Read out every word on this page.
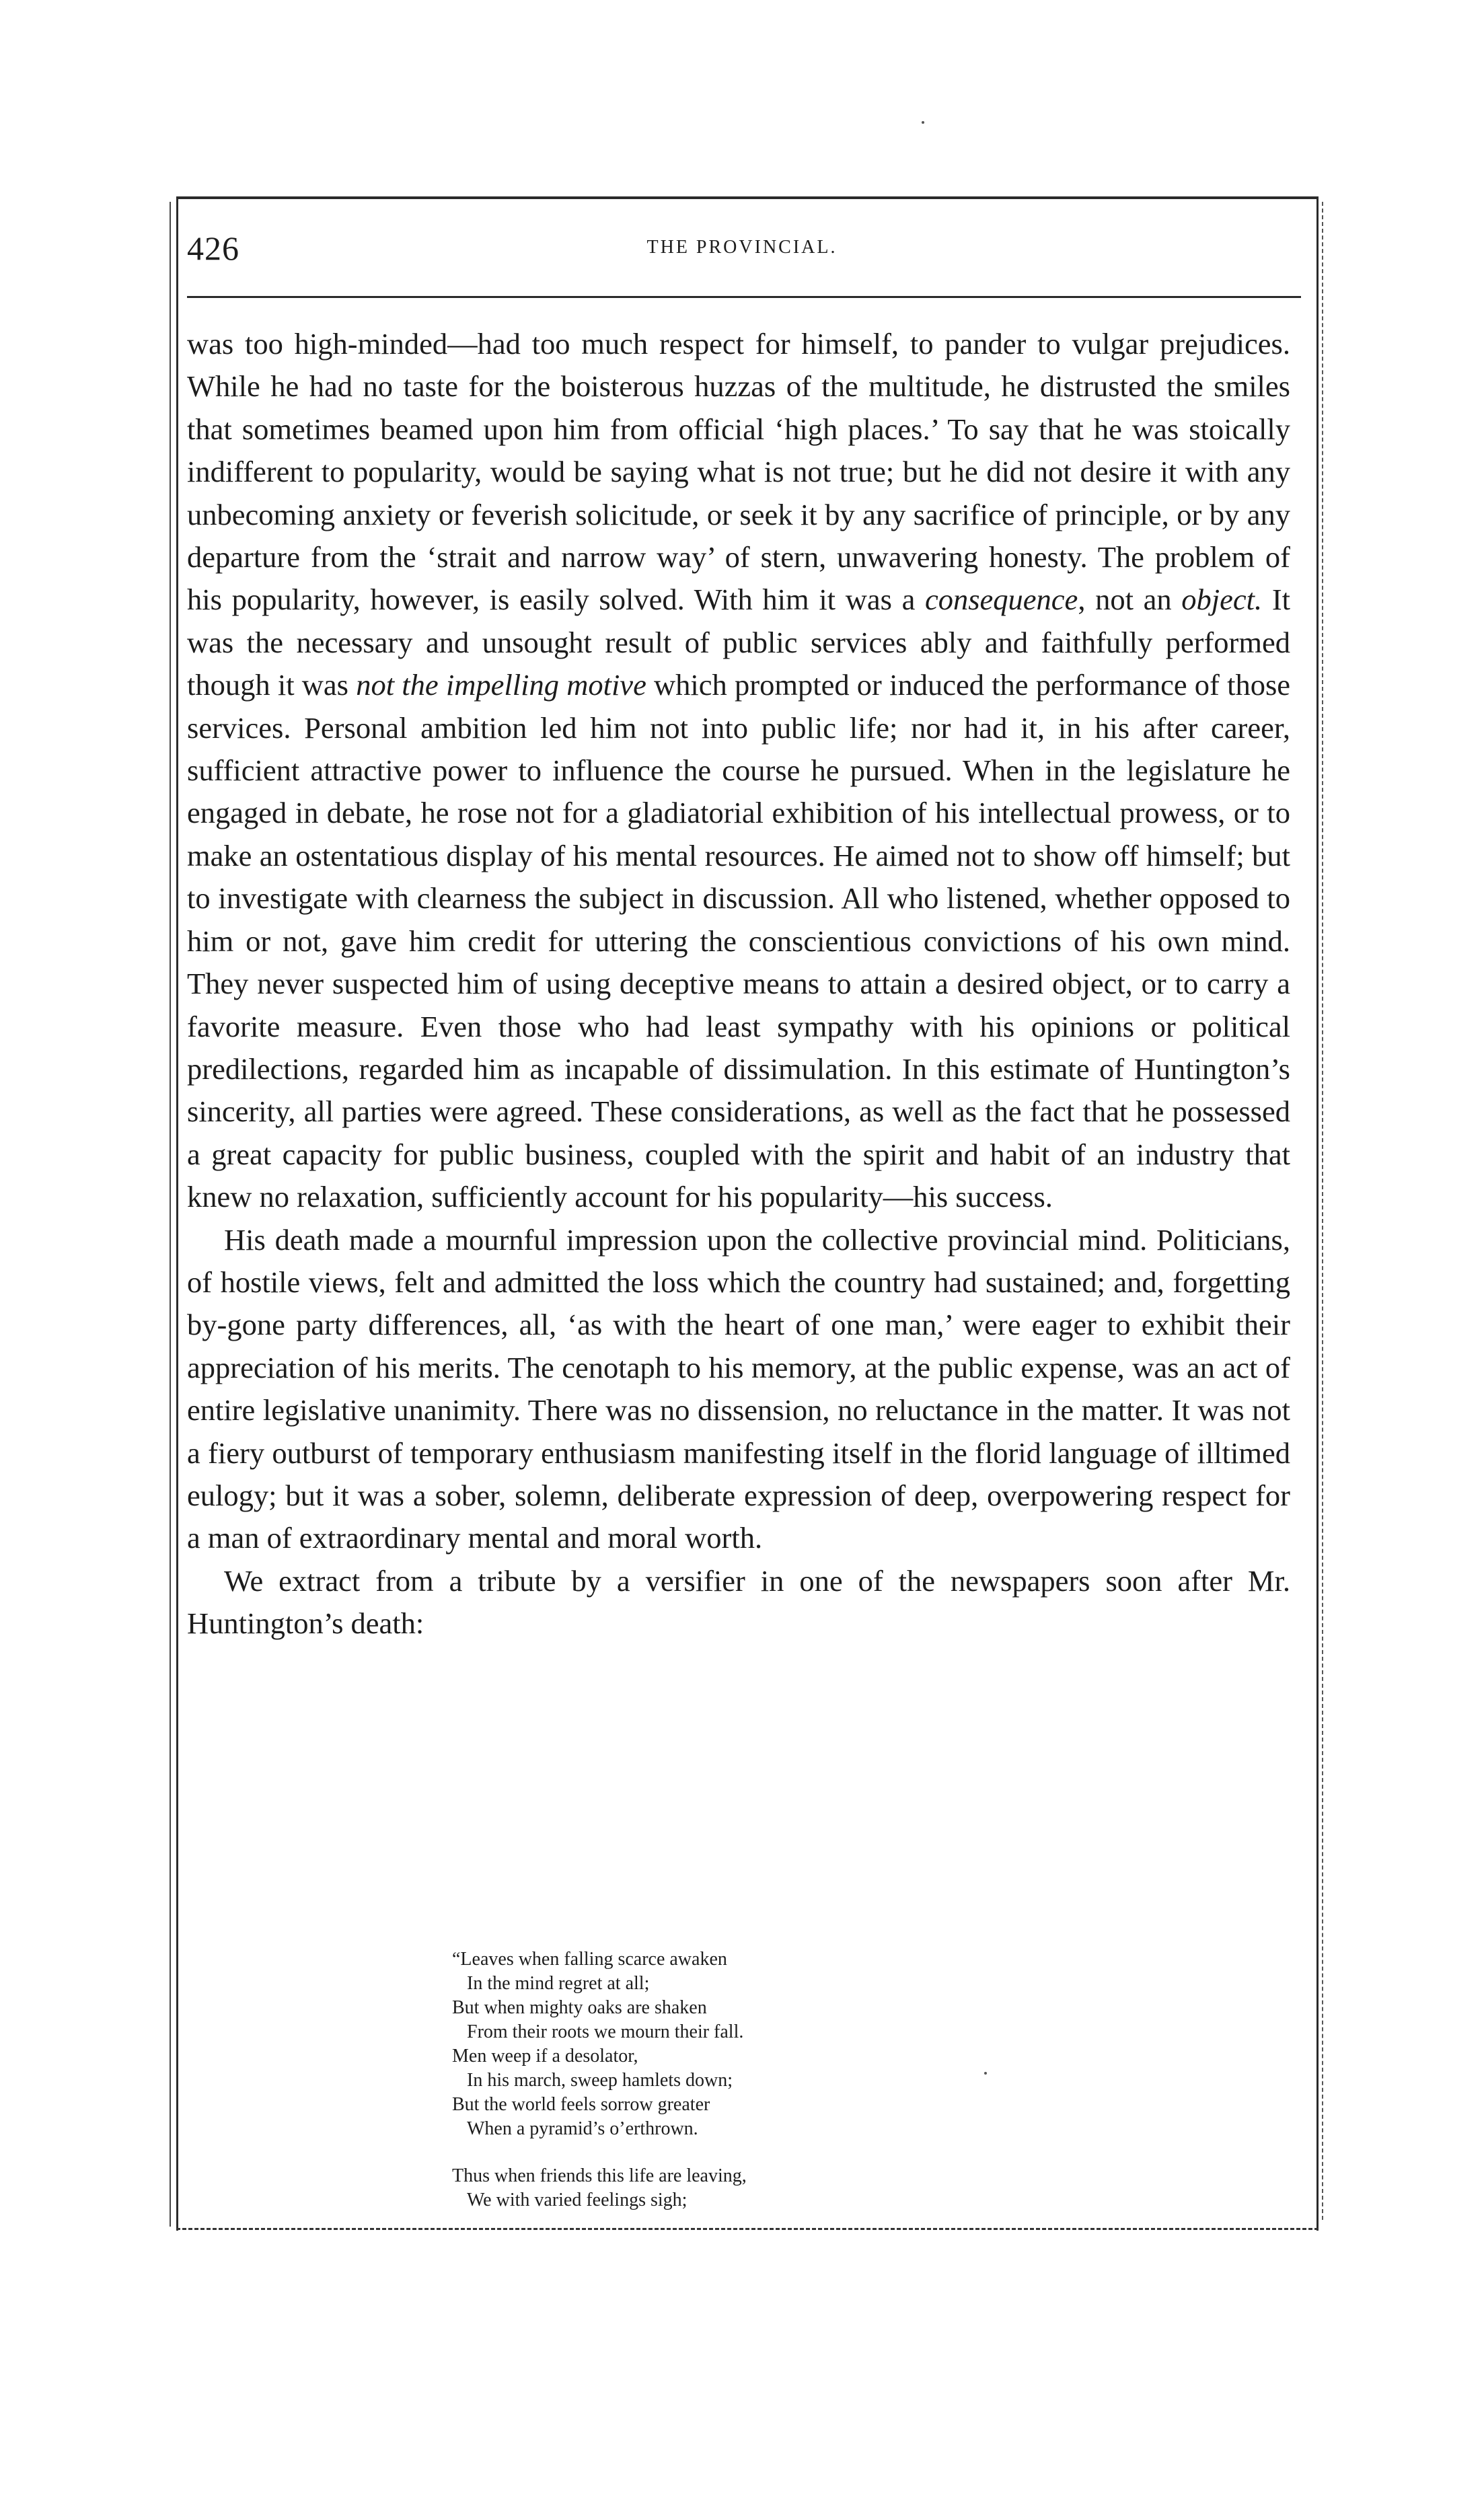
426	THE PROVINCIAL.

was too high-minded—had too much respect for himself, to pander to vulgar prejudices. While he had no taste for the boisterous huzzas of the multitude, he distrusted the smiles that sometimes beamed upon him from official ‘high places.’ To say that he was stoically indifferent to popularity, would be saying what is not true; but he did not desire it with any unbecoming anxiety or feverish solicitude, or seek it by any sacrifice of principle, or by any departure from the ‘strait and narrow way’ of stern, unwavering honesty. The problem of his popularity, however, is easily solved. With him it was a consequence, not an object. It was the necessary and unsought result of public services ably and faithfully performed though it was not the impelling motive which prompted or induced the performance of those services. Personal ambition led him not into public life; nor had it, in his after career, sufficient attractive power to influence the course he pursued. When in the legislature he engaged in debate, he rose not for a gladiatorial exhibition of his intellectual prowess, or to make an ostentatious display of his mental resources. He aimed not to show off himself; but to investigate with clearness the subject in discussion. All who listened, whether opposed to him or not, gave him credit for uttering the conscientious convictions of his own mind. They never suspected him of using deceptive means to attain a desired object, or to carry a favorite measure. Even those who had least sympathy with his opinions or political predilections, regarded him as incapable of dissimulation. In this estimate of Huntington’s sincerity, all parties were agreed. These considerations, as well as the fact that he possessed a great capacity for public business, coupled with the spirit and habit of an industry that knew no relaxation, sufficiently account for his popularity—his success.

His death made a mournful impression upon the collective provincial mind. Politicians, of hostile views, felt and admitted the loss which the country had sustained; and, forgetting by-gone party differences, all, ‘as with the heart of one man,’ were eager to exhibit their appreciation of his merits. The cenotaph to his memory, at the public expense, was an act of entire legislative unanimity. There was no dissension, no reluctance in the matter. It was not a fiery outburst of temporary enthusiasm manifesting itself in the florid language of illtimed eulogy; but it was a sober, solemn, deliberate expression of deep, overpowering respect for a man of extraordinary mental and moral worth.

We extract from a tribute by a versifier in one of the newspapers soon after Mr. Huntington’s death:

“Leaves when falling scarce awaken
In the mind regret at all;
But when mighty oaks are shaken
From their roots we mourn their fall.
Men weep if a desolator,
In his march, sweep hamlets down;
But the world feels sorrow greater
When a pyramid’s o’erthrown.
Thus when friends this life are leaving,
We with varied feelings sigh;
